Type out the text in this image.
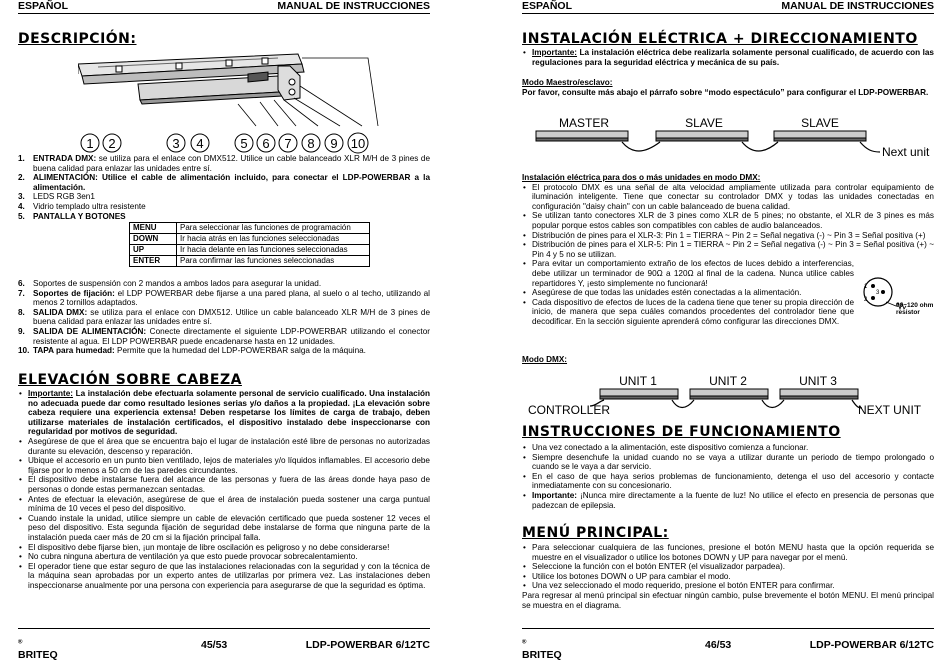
ESPAÑOL	MANUAL DE INSTRUCCIONES
DESCRIPCIÓN:
1 2	3 4	5 6 7 8 9 10
1. ENTRADA DMX: se utiliza para el enlace con DMX512. Utilice un cable balanceado XLR M/H de 3 pines de buena calidad para enlazar las unidades entre sí.
2. ALIMENTACIÓN: Utilice el cable de alimentación incluido, para conectar el LDP-POWERBAR a la alimentación.
3. LEDS RGB 3en1
4. Vidrio templado ultra resistente
5. PANTALLA Y BOTONES
MENU	Para seleccionar las funciones de programación
DOWN	Ir hacia atrás en las funciones seleccionadas
UP	Ir hacia delante en las funciones seleccionadas
ENTER	Para confirmar las funciones seleccionadas
6. Soportes de suspensión con 2 mandos a ambos lados para asegurar la unidad.
7. Soportes de fijación: el LDP POWERBAR debe fijarse a una pared plana, al suelo o al techo, utilizando al menos 2 tornillos adaptados.
8. SALIDA DMX: se utiliza para el enlace con DMX512. Utilice un cable balanceado XLR M/H de 3 pines de buena calidad para enlazar las unidades entre sí.
9. SALIDA DE ALIMENTACIÓN: Conecte directamente el siguiente LDP-POWERBAR utilizando el conector resistente al agua. El LDP POWERBAR puede encadenarse hasta en 12 unidades.
10. TAPA para humedad: Permite que la humedad del LDP-POWERBAR salga de la máquina.
ELEVACIÓN SOBRE CABEZA
• Importante: La instalación debe efectuarla solamente personal de servicio cualificado. Una instalación no adecuada puede dar como resultado lesiones serias y/o daños a la propiedad. ¡La elevación sobre cabeza requiere una experiencia extensa! Deben respetarse los límites de carga de trabajo, deben utilizarse materiales de instalación certificados, el dispositivo instalado debe inspeccionarse con regularidad por motivos de seguridad.
• Asegúrese de que el área que se encuentra bajo el lugar de instalación esté libre de personas no autorizadas durante su elevación, descenso y reparación.
• Ubique el accesorio en un punto bien ventilado, lejos de materiales y/o líquidos inflamables. El accesorio debe fijarse por lo menos a 50 cm de las paredes circundantes.
• El dispositivo debe instalarse fuera del alcance de las personas y fuera de las áreas donde haya paso de personas o donde estas permanezcan sentadas.
• Antes de efectuar la elevación, asegúrese de que el área de instalación pueda sostener una carga puntual mínima de 10 veces el peso del dispositivo.
• Cuando instale la unidad, utilice siempre un cable de elevación certificado que pueda sostener 12 veces el peso del dispositivo. Esta segunda fijación de seguridad debe instalarse de forma que ninguna parte de la instalación pueda caer más de 20 cm si la fijación principal falla.
• El dispositivo debe fijarse bien, ¡un montaje de libre oscilación es peligroso y no debe considerarse!
• No cubra ninguna abertura de ventilación ya que esto puede provocar sobrecalentamiento.
• El operador tiene que estar seguro de que las instalaciones relacionadas con la seguridad y con la técnica de la máquina sean aprobadas por un experto antes de utilizarlas por primera vez. Las instalaciones deben inspeccionarse anualmente por una persona con experiencia para asegurarse de que la seguridad es óptima.
BRITEQ
®	45/53	LDP-POWERBAR 6/12TC
ESPAÑOL	MANUAL DE INSTRUCCIONES
INSTALACIÓN ELÉCTRICA + DIRECCIONAMIENTO
• Importante: La instalación eléctrica debe realizarla solamente personal cualificado, de acuerdo con las regulaciones para la seguridad eléctrica y mecánica de su país.
Modo Maestro/esclavo:
Por favor, consulte más abajo el párrafo sobre “modo espectáculo” para configurar el LDP-POWERBAR.
MASTER	SLAVE	SLAVE
Next unit
Instalación eléctrica para dos o más unidades en modo DMX:
• El protocolo DMX es una señal de alta velocidad ampliamente utilizada para controlar equipamiento de iluminación inteligente. Tiene que conectar su controlador DMX y todas las unidades conectadas en configuración "daisy chain" con un cable balanceado de buena calidad.
• Se utilizan tanto conectores XLR de 3 pines como XLR de 5 pines; no obstante, el XLR de 3 pines es más popular porque estos cables son compatibles con cables de audio balanceados.
• Distribución de pines para el XLR-3: Pin 1 = TIERRA ~ Pin 2 = Señal negativa (-) ~ Pin 3 = Señal positiva (+)
• Distribución de pines para el XLR-5: Pin 1 = TIERRA ~ Pin 2 = Señal negativa (-) ~ Pin 3 = Señal positiva (+) ~ Pin 4 y 5 no se utilizan.
• Para evitar un comportamiento extraño de los efectos de luces debido a interferencias, debe utilizar un terminador de 90Ω a 120Ω al final de la cadena. Nunca utilice cables repartidores Y, ¡esto simplemente no funcionará!
• Asegúrese de que todas las unidades estén conectadas a la alimentación.
• Cada dispositivo de efectos de luces de la cadena tiene que tener su propia dirección de inicio, de manera que sepa cuáles comandos procedentes del controlador tiene que decodificar. En la sección siguiente aprenderá cómo configurar las direcciones DMX.
1
3
2
90~120 ohm resistor
Modo DMX:
UNIT 1	UNIT 2	UNIT 3
CONTROLLER	NEXT UNIT
INSTRUCCIONES DE FUNCIONAMIENTO
• Una vez conectado a la alimentación, este dispositivo comienza a funcionar.
• Siempre desenchufe la unidad cuando no se vaya a utilizar durante un periodo de tiempo prolongado o cuando se le vaya a dar servicio.
• En el caso de que haya serios problemas de funcionamiento, detenga el uso del accesorio y contacte inmediatamente con su concesionario.
• Importante: ¡Nunca mire directamente a la fuente de luz! No utilice el efecto en presencia de personas que padezcan de epilepsia.
MENÚ PRINCIPAL:
• Para seleccionar cualquiera de las funciones, presione el botón MENU hasta que la opción requerida se muestre en el visualizador o utilice los botones DOWN y UP para navegar por el menú.
• Seleccione la función con el botón ENTER (el visualizador parpadea).
• Utilice los botones DOWN o UP para cambiar el modo.
• Una vez seleccionado el modo requerido, presione el botón ENTER para confirmar.
Para regresar al menú principal sin efectuar ningún cambio, pulse brevemente el botón MENU. El menú principal se muestra en el diagrama.
BRITEQ
®	46/53	LDP-POWERBAR 6/12TC
